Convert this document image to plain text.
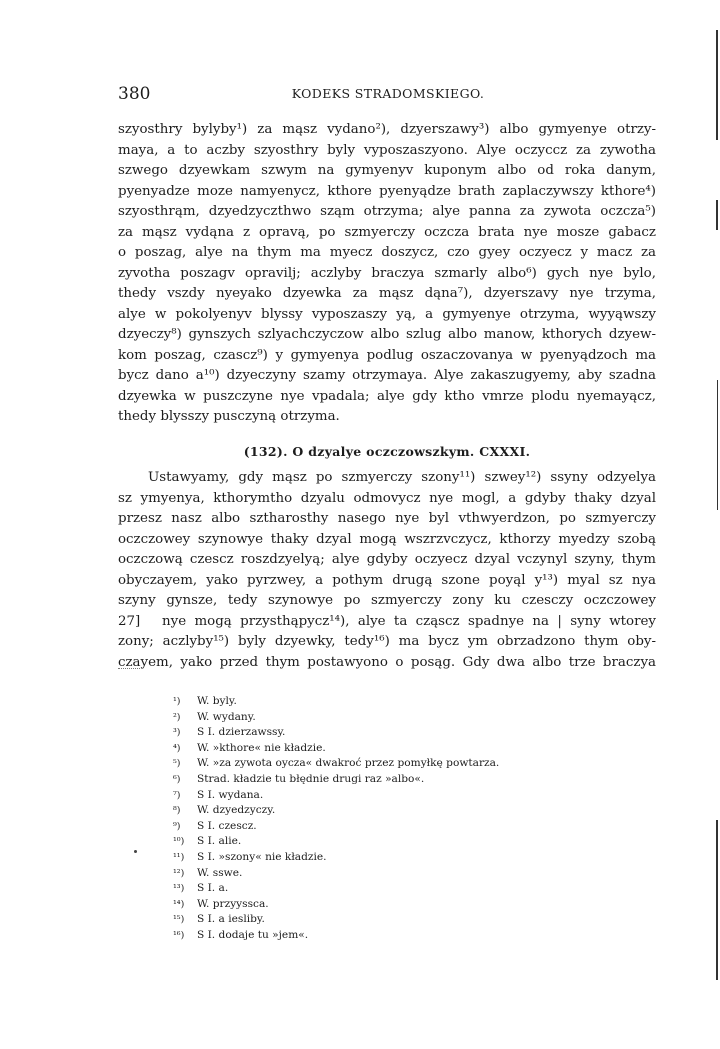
380	KODEKS STRADOMSKIEGO.
szyosthry bylyby¹) za mąsz vydano²), dzyerszawy³) albo gymyenye otrzy-
maya, a to aczby szyosthry byly vyposzaszyono. Alye oczyccz za zywotha
szwego dzyewkam szwym na gymyenyv kuponym albo od roka danym,
pyenyadze moze namyenycz, kthore pyenyądze brath zaplaczywszy kthore⁴)
szyosthrąm, dzyedzyczthwo sząm otrzyma; alye panna za zywota oczcza⁵)
za mąsz vydąna z opravą, po szmyerczy oczcza brata nye mosze gabacz
o poszag, alye na thym ma myecz doszycz, czo gyey oczyecz y macz za
zyvotha poszagv opravilj; aczlyby braczya szmarly albo⁶) gych nye bylo,
thedy vszdy nyeyako dzyewka za mąsz dąna⁷), dzyerszavy nye trzyma,
alye w pokolyenyv blyssy vyposzaszy yą, a gymyenye otrzyma, wyyąwszy
dzyeczy⁸) gynszych szlyachczyczow albo szlug albo manow, kthorych dzyew-
kom poszag, czascz⁹) y gymyenya podlug oszaczovanya w pyenyądzoch ma
bycz dano a¹⁰) dzyeczyny szamy otrzymaya. Alye zakaszugyemy, aby szadna
dzyewka w puszczyne nye vpadala; alye gdy ktho vmrze plodu nyemayącz,
thedy blysszy pusczyną otrzyma.
(132). O dzyalye oczczowszkym. CXXXI.
Ustawyamy, gdy mąsz po szmyerczy szony¹¹) szwey¹²) ssyny odzyelya
sz ymyenya, kthorymtho dzyalu odmovycz nye mogl, a gdyby thaky dzyal
przesz nasz albo sztharosthy nasego nye byl vthwyerdzon, po szmyerczy
oczczowey szynowye thaky dzyal mogą wszrzvczycz, kthorzy myedzy szobą
oczczową czescz roszdzyelyą; alye gdyby oczyecz dzyal vczynyl szyny, thym
obyczayem, yako pyrzwey, a pothym drugą szone poyąl y¹³) myal sz nya
szyny gynsze, tedy szynowye po szmyerczy zony ku czesczy oczczowey
27] nye mogą przysthąpycz¹⁴), alye ta cząscz spadnye na | syny wtorey
zony; aczlyby¹⁵) byly dzyewky, tedy¹⁶) ma bycz ym obrzadzono thym oby-
czayem, yako przed thym postawyono o posąg. Gdy dwa albo trze braczya
¹) W. byly.
²) W. wydany.
³) S I. dzierzawssy.
⁴) W. »kthore« nie kładzie.
⁵) W. »za zywota oycza« dwakroć przez pomyłkę powtarza.
⁶) Strad. kładzie tu błędnie drugi raz »albo«.
⁷) S I. wydana.
⁸) W. dzyedzyczy.
⁹) S I. czescz.
¹⁰) S I. alie.
¹¹) S I. »szony« nie kładzie.
¹²) W. sswe.
¹³) S I. a.
¹⁴) W. przyyssca.
¹⁵) S I. a iesliby.
¹⁶) S I. dodaje tu »jem«.
